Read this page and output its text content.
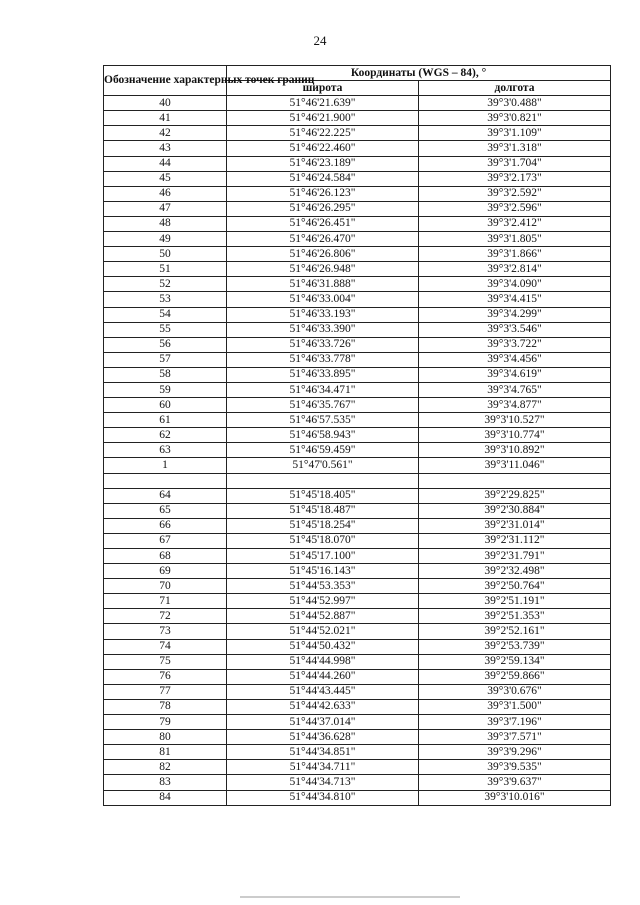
24
Обозначение характерных точек границ	Координаты (WGS – 84), °	
	широта	долгота
40	51°46'21.639"	39°3'0.488"
41	51°46'21.900"	39°3'0.821"
42	51°46'22.225"	39°3'1.109"
43	51°46'22.460"	39°3'1.318"
44	51°46'23.189"	39°3'1.704"
45	51°46'24.584"	39°3'2.173"
46	51°46'26.123"	39°3'2.592"
47	51°46'26.295"	39°3'2.596"
48	51°46'26.451"	39°3'2.412"
49	51°46'26.470"	39°3'1.805"
50	51°46'26.806"	39°3'1.866"
51	51°46'26.948"	39°3'2.814"
52	51°46'31.888"	39°3'4.090"
53	51°46'33.004"	39°3'4.415"
54	51°46'33.193"	39°3'4.299"
55	51°46'33.390"	39°3'3.546"
56	51°46'33.726"	39°3'3.722"
57	51°46'33.778"	39°3'4.456"
58	51°46'33.895"	39°3'4.619"
59	51°46'34.471"	39°3'4.765"
60	51°46'35.767"	39°3'4.877"
61	51°46'57.535"	39°3'10.527"
62	51°46'58.943"	39°3'10.774"
63	51°46'59.459"	39°3'10.892"
1	51°47'0.561"	39°3'11.046"

64	51°45'18.405"	39°2'29.825"
65	51°45'18.487"	39°2'30.884"
66	51°45'18.254"	39°2'31.014"
67	51°45'18.070"	39°2'31.112"
68	51°45'17.100"	39°2'31.791"
69	51°45'16.143"	39°2'32.498"
70	51°44'53.353"	39°2'50.764"
71	51°44'52.997"	39°2'51.191"
72	51°44'52.887"	39°2'51.353"
73	51°44'52.021"	39°2'52.161"
74	51°44'50.432"	39°2'53.739"
75	51°44'44.998"	39°2'59.134"
76	51°44'44.260"	39°2'59.866"
77	51°44'43.445"	39°3'0.676"
78	51°44'42.633"	39°3'1.500"
79	51°44'37.014"	39°3'7.196"
80	51°44'36.628"	39°3'7.571"
81	51°44'34.851"	39°3'9.296"
82	51°44'34.711"	39°3'9.535"
83	51°44'34.713"	39°3'9.637"
84	51°44'34.810"	39°3'10.016"
